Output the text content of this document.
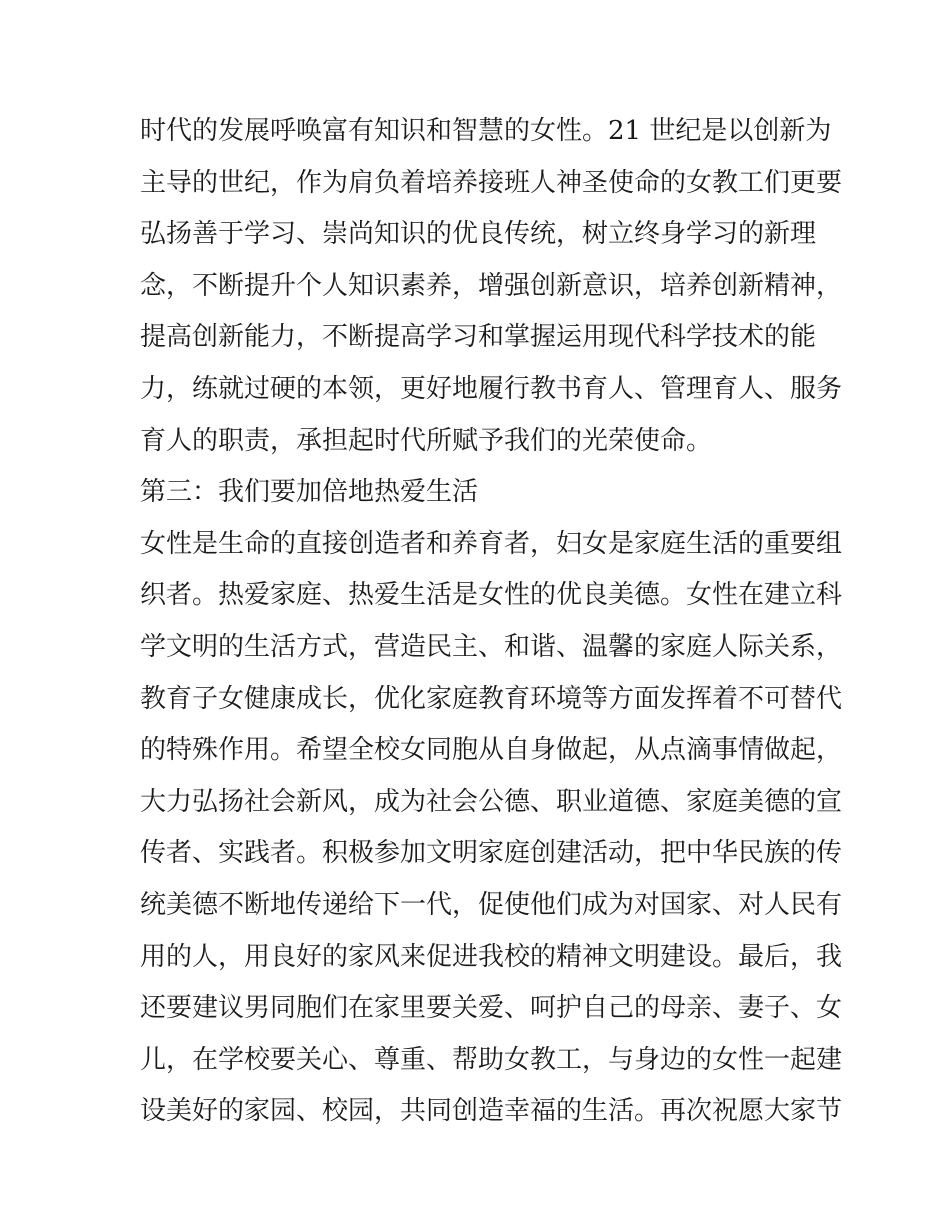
时代的发展呼唤富有知识和智慧的女性。21 世纪是以创新为
主导的世纪，作为肩负着培养接班人神圣使命的女教工们更要
弘扬善于学习、崇尚知识的优良传统，树立终身学习的新理
念，不断提升个人知识素养，增强创新意识，培养创新精神，
提高创新能力，不断提高学习和掌握运用现代科学技术的能
力，练就过硬的本领，更好地履行教书育人、管理育人、服务
育人的职责，承担起时代所赋予我们的光荣使命。
第三：我们要加倍地热爱生活
女性是生命的直接创造者和养育者，妇女是家庭生活的重要组
织者。热爱家庭、热爱生活是女性的优良美德。女性在建立科
学文明的生活方式，营造民主、和谐、温馨的家庭人际关系，
教育子女健康成长，优化家庭教育环境等方面发挥着不可替代
的特殊作用。希望全校女同胞从自身做起，从点滴事情做起，
大力弘扬社会新风，成为社会公德、职业道德、家庭美德的宣
传者、实践者。积极参加文明家庭创建活动，把中华民族的传
统美德不断地传递给下一代，促使他们成为对国家、对人民有
用的人，用良好的家风来促进我校的精神文明建设。最后，我
还要建议男同胞们在家里要关爱、呵护自己的母亲、妻子、女
儿，在学校要关心、尊重、帮助女教工，与身边的女性一起建
设美好的家园、校园，共同创造幸福的生活。再次祝愿大家节
